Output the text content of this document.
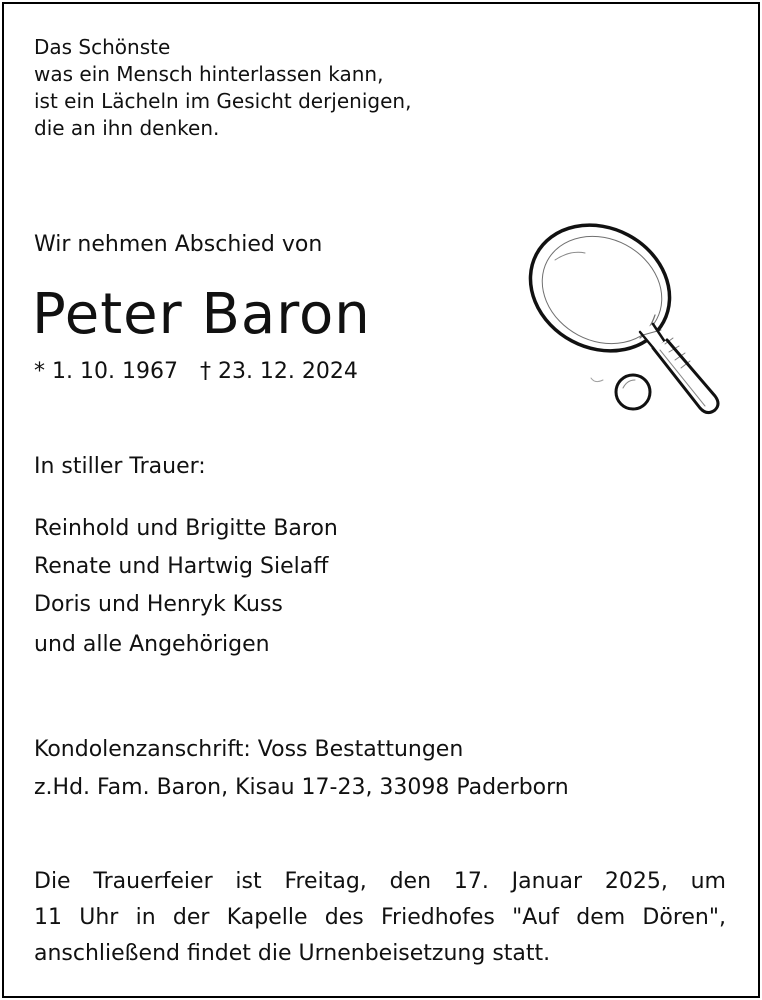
Das Schönste
was ein Mensch hinterlassen kann,
ist ein Lächeln im Gesicht derjenigen,
die an ihn denken.
Wir nehmen Abschied von
Peter Baron
* 1. 10. 1967 † 23. 12. 2024
In stiller Trauer:
Reinhold und Brigitte Baron
Renate und Hartwig Sielaff
Doris und Henryk Kuss
und alle Angehörigen
Kondolenzanschrift: Voss Bestattungen
z.Hd. Fam. Baron, Kisau 17-23, 33098 Paderborn
Die Trauerfeier ist Freitag, den 17. Januar 2025, um
11 Uhr in der Kapelle des Friedhofes "Auf dem Dören",
anschließend findet die Urnenbeisetzung statt.
